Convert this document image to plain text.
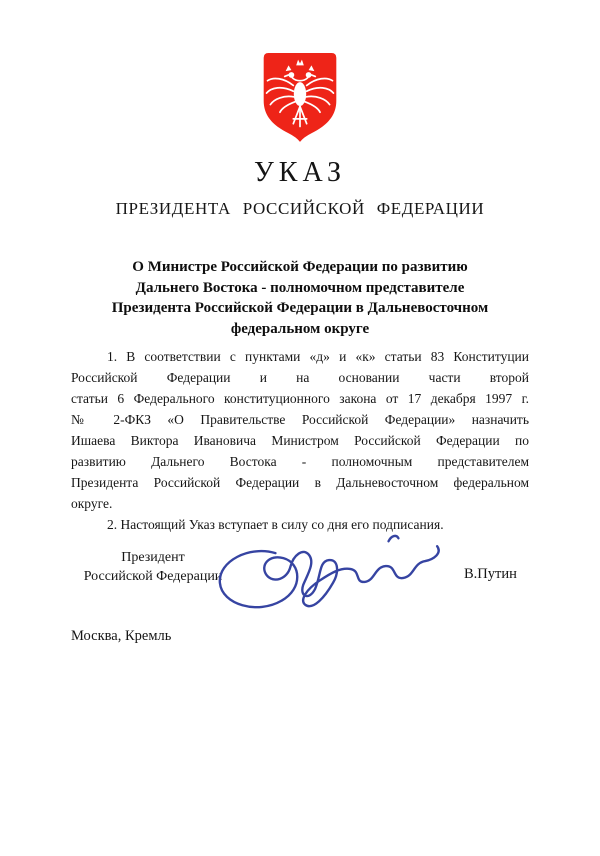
УКАЗ
ПРЕЗИДЕНТА РОССИЙСКОЙ ФЕДЕРАЦИИ
О Министре Российской Федерации по развитию
Дальнего Востока - полномочном представителе
Президента Российской Федерации в Дальневосточном
федеральном округе
1. В соответствии с пунктами «д» и «к» статьи 83 Конституции
Российской Федерации и на основании части второй
статьи 6 Федерального конституционного закона от 17 декабря 1997 г.
№ 2-ФКЗ «О Правительстве Российской Федерации» назначить
Ишаева Виктора Ивановича Министром Российской Федерации по
развитию Дальнего Востока - полномочным представителем
Президента Российской Федерации в Дальневосточном федеральном
округе.
2. Настоящий Указ вступает в силу со дня его подписания.
Президент
Российской Федерации	В.Путин
Москва, Кремль
